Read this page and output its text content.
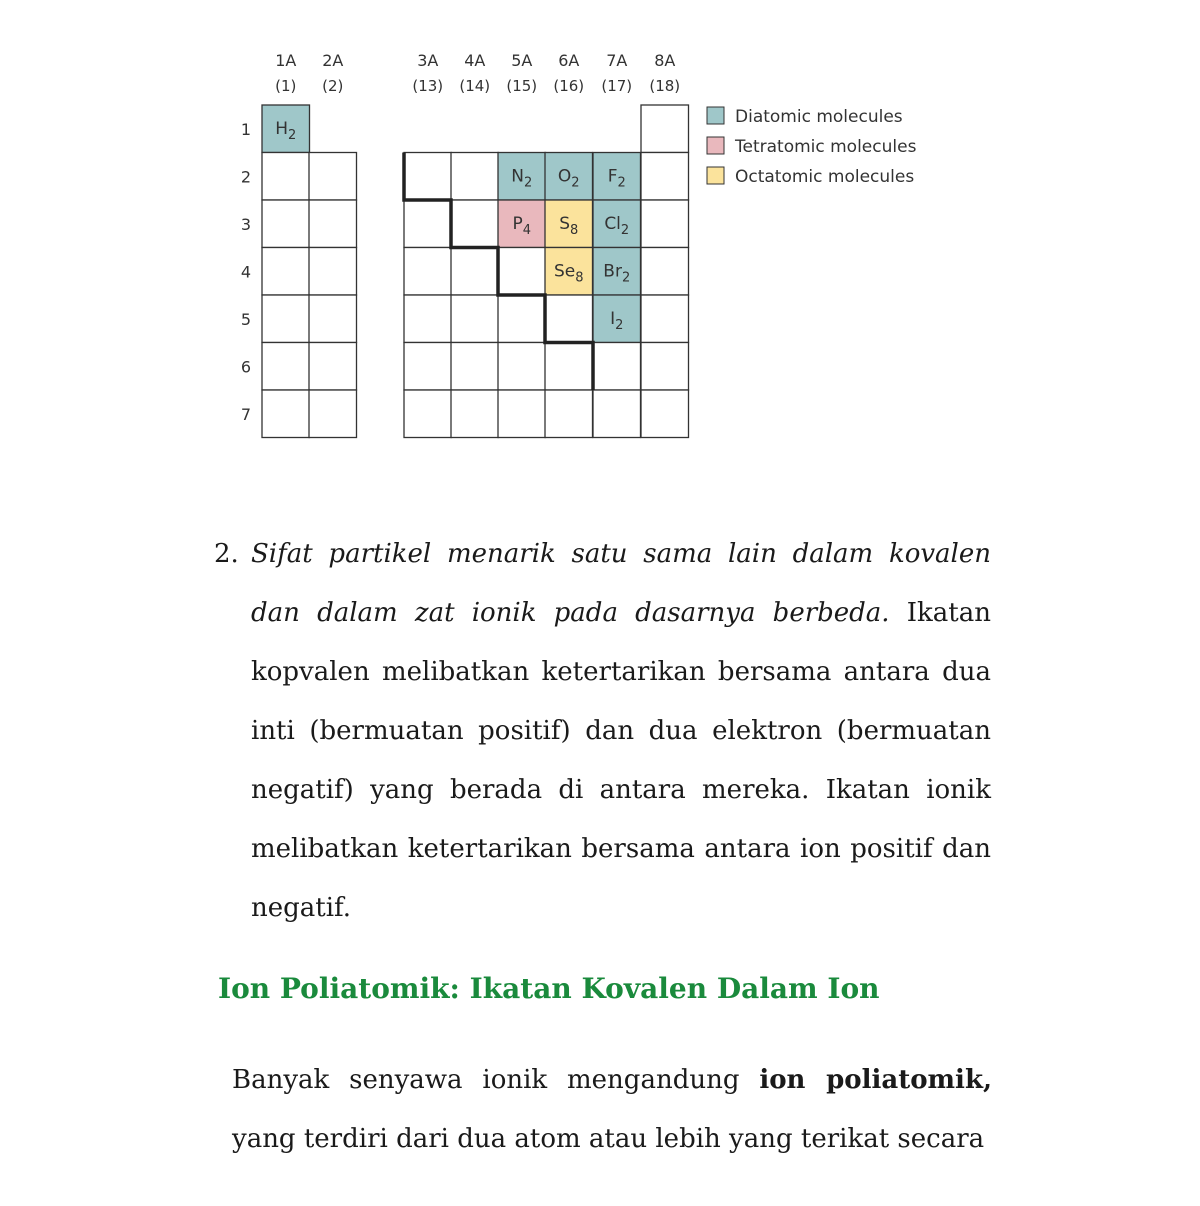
$H_2$
$N_2$ $O_2$ $F_2$
$P_4$ $S_8$ $Cl_2$
$Se_8$ $Br_2$
$I_2$
1A
(1)
2A
(2)
3A
(13)
4A
(14)
5A
(15)
6A
(16)
7A
(17)
8A
(18)
1
2
3
4
5
6
7
Diatomic molecules
Tetratomic molecules
Octatomic molecules
2. Sifat partikel menarik satu sama lain dalam kovalen dan dalam zat ionik pada dasarnya berbeda. Ikatan kopvalen melibatkan ketertarikan bersama antara dua inti (bermuatan positif) dan dua elektron (bermuatan negatif) yang berada di antara mereka. Ikatan ionik melibatkan ketertarikan bersama antara ion positif dan negatif.
Ion Poliatomik: Ikatan Kovalen Dalam Ion
Banyak senyawa ionik mengandung ion poliatomik, yang terdiri dari dua atom atau lebih yang terikat secara
